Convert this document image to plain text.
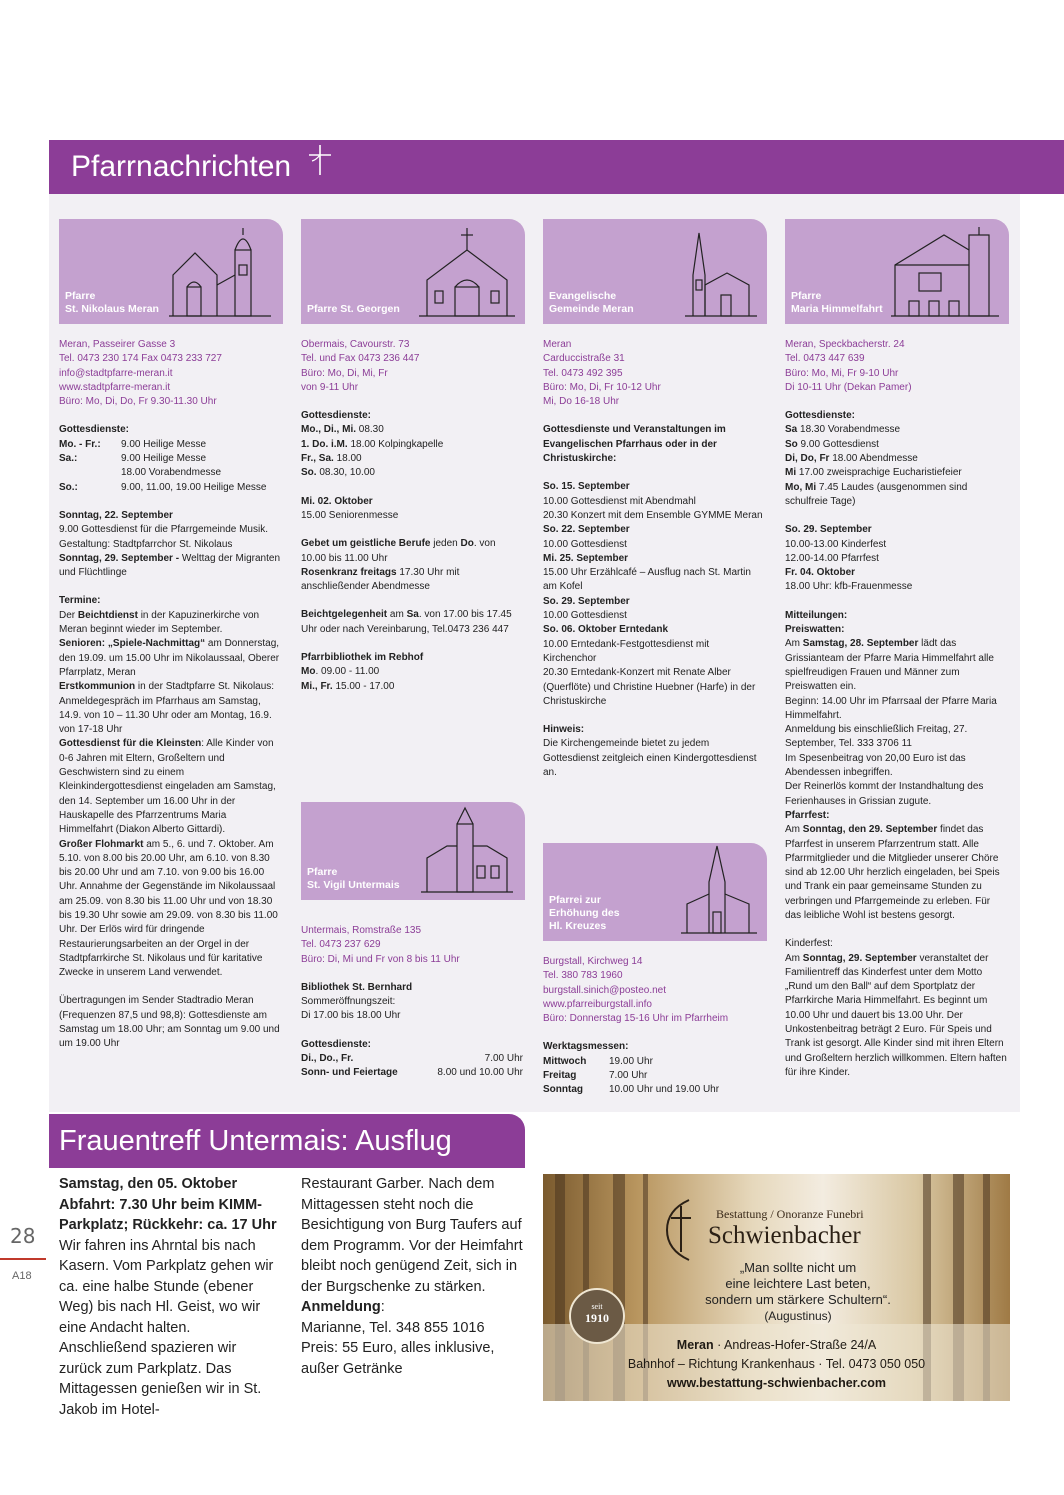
Pfarrnachrichten
Pfarre
St. Nikolaus Meran	Pfarre St. Georgen
Evangelische
Gemeinde Meran
Pfarre
Maria Himmelfahrt

Meran, Passeirer Gasse 3
Tel. 0473 230 174 Fax 0473 233 727
info@stadtpfarre-meran.it
www.stadtpfarre-meran.it
Büro: Mo, Di, Do, Fr 9.30-11.30 Uhr

Gottesdienste:
Mo. - Fr.:	9.00 Heilige Messe
Sa.:	9.00 Heilige Messe
18.00 Vorabendmesse
So.:	9.00, 11.00, 19.00 Heilige Messe

Sonntag, 22. September
9.00 Gottesdienst für die Pfarrgemeinde Musik. Gestaltung: Stadtpfarrchor St. Nikolaus
Sonntag, 29. September - Welttag der Migranten und Flüchtlinge

Termine:
Der Beichtdienst in der Kapuzinerkirche von Meran beginnt wieder im September.
Senioren: „Spiele-Nachmittag“ am Donnerstag, den 19.09. um 15.00 Uhr im Nikolaussaal, Oberer Pfarrplatz, Meran
Erstkommunion in der Stadtpfarre St. Nikolaus: Anmeldegespräch im Pfarrhaus am Samstag, 14.9. von 10 – 11.30 Uhr oder am Montag, 16.9. von 17-18 Uhr
Gottesdienst für die Kleinsten: Alle Kinder von 0-6 Jahren mit Eltern, Großeltern und Geschwistern sind zu einem Kleinkindergottesdienst eingeladen am Samstag, den 14. September um 16.00 Uhr in der Hauskapelle des Pfarrzentrums Maria Himmelfahrt (Diakon Alberto Gittardi).
Großer Flohmarkt am 5., 6. und 7. Oktober. Am 5.10. von 8.00 bis 20.00 Uhr, am 6.10. von 8.30 bis 20.00 Uhr und am 7.10. von 9.00 bis 16.00 Uhr. Annahme der Gegenstände im Nikolaussaal am 25.09. von 8.30 bis 11.00 Uhr und von 18.30 bis 19.30 Uhr sowie am 29.09. von 8.30 bis 11.00 Uhr. Der Erlös wird für dringende Restaurierungsarbeiten an der Orgel in der Stadtpfarrkirche St. Nikolaus und für karitative Zwecke in unserem Land verwendet.

Übertragungen im Sender Stadtradio Meran (Frequenzen 87,5 und 98,8): Gottesdienste am Samstag um 18.00 Uhr; am Sonntag um 9.00 und um 19.00 Uhr

Obermais, Cavourstr. 73
Tel. und Fax 0473 236 447
Büro: Mo, Di, Mi, Fr
von 9-11 Uhr

Gottesdienste:
Mo., Di., Mi. 08.30
1. Do. i.M. 18.00 Kolpingkapelle
Fr., Sa. 18.00
So. 08.30, 10.00

Mi. 02. Oktober
15.00 Seniorenmesse

Gebet um geistliche Berufe jeden Do. von 10.00 bis 11.00 Uhr
Rosenkranz freitags 17.30 Uhr mit anschließender Abendmesse

Beichtgelegenheit am Sa. von 17.00 bis 17.45 Uhr oder nach Vereinbarung, Tel.0473 236 447

Pfarrbibliothek im Rebhof
Mo. 09.00 - 11.00
Mi., Fr. 15.00 - 17.00

Pfarre
St. Vigil Untermais

Untermais, Romstraße 135
Tel. 0473 237 629
Büro: Di, Mi und Fr von 8 bis 11 Uhr

Bibliothek St. Bernhard
Sommeröffnungszeit:
Di 17.00 bis 18.00 Uhr

Gottesdienste:
Di., Do., Fr.	7.00 Uhr
Sonn- und Feiertage	8.00 und 10.00 Uhr

Meran
Carduccistraße 31
Tel. 0473 492 395
Büro: Mo, Di, Fr 10-12 Uhr
Mi, Do 16-18 Uhr

Gottesdienste und Veranstaltungen im Evangelischen Pfarrhaus oder in der Christuskirche:

So. 15. September
10.00 Gottesdienst mit Abendmahl
20.30 Konzert mit dem Ensemble GYMME Meran
So. 22. September
10.00 Gottesdienst
Mi. 25. September
15.00 Uhr Erzählcafé – Ausflug nach St. Martin am Kofel
So. 29. September
10.00 Gottesdienst
So. 06. Oktober Erntedank
10.00 Erntedank-Festgottesdienst mit Kirchenchor
20.30 Erntedank-Konzert mit Renate Alber (Querflöte) und Christine Huebner (Harfe) in der Christuskirche

Hinweis:
Die Kirchengemeinde bietet zu jedem Gottesdienst zeitgleich einen Kindergottesdienst an.

Pfarrei zur
Erhöhung des
Hl. Kreuzes

Burgstall, Kirchweg 14
Tel. 380 783 1960
burgstall.sinich@posteo.net
www.pfarreiburgstall.info
Büro: Donnerstag 15-16 Uhr im Pfarrheim

Werktagsmessen:
Mittwoch	19.00 Uhr
Freitag	7.00 Uhr
Sonntag	10.00 Uhr und 19.00 Uhr

Meran, Speckbacherstr. 24
Tel. 0473 447 639
Büro: Mo, Mi, Fr 9-10 Uhr
Di 10-11 Uhr (Dekan Pamer)

Gottesdienste:
Sa 18.30 Vorabendmesse
So 9.00 Gottesdienst
Di, Do, Fr 18.00 Abendmesse
Mi 17.00 zweisprachige Eucharistiefeier
Mo, Mi 7.45 Laudes (ausgenommen sind schulfreie Tage)

So. 29. September
10.00-13.00 Kinderfest
12.00-14.00 Pfarrfest
Fr. 04. Oktober
18.00 Uhr: kfb-Frauenmesse

Mitteilungen:
Preiswatten:
Am Samstag, 28. September lädt das Grissianteam der Pfarre Maria Himmelfahrt alle spielfreudigen Frauen und Männer zum Preiswatten ein.
Beginn: 14.00 Uhr im Pfarrsaal der Pfarre Maria Himmelfahrt.
Anmeldung bis einschließlich Freitag, 27. September, Tel. 333 3706 11
Im Spesenbeitrag von 20,00 Euro ist das Abendessen inbegriffen.
Der Reinerlös kommt der Instandhaltung des Ferienhauses in Grissian zugute.
Pfarrfest:
Am Sonntag, den 29. September findet das Pfarrfest in unserem Pfarrzentrum statt. Alle Pfarrmitglieder und die Mitglieder unserer Chöre sind ab 12.00 Uhr herzlich eingeladen, bei Speis und Trank ein paar gemeinsame Stunden zu verbringen und Pfarrgemeinde zu erleben. Für das leibliche Wohl ist bestens gesorgt.

Kinderfest:
Am Sonntag, 29. September veranstaltet der Familientreff das Kinderfest unter dem Motto „Rund um den Ball“ auf dem Sportplatz der Pfarrkirche Maria Himmelfahrt. Es beginnt um 10.00 Uhr und dauert bis 13.00 Uhr. Der Unkostenbeitrag beträgt 2 Euro. Für Speis und Trank ist gesorgt. Alle Kinder sind mit ihren Eltern und Großeltern herzlich willkommen. Eltern haften für ihre Kinder.

28
A18
Frauentreff Untermais: Ausflug
Samstag, den 05. Oktober
Abfahrt: 7.30 Uhr beim KIMM-Parkplatz; Rückkehr: ca. 17 Uhr
Wir fahren ins Ahrntal bis nach Kasern. Vom Parkplatz gehen wir ca. eine halbe Stunde (ebener Weg) bis nach Hl. Geist, wo wir eine Andacht halten. Anschließend spazieren wir zurück zum Parkplatz. Das Mittagessen genießen wir in St. Jakob im Hotel-
Restaurant Garber. Nach dem Mittagessen steht noch die Besichtigung von Burg Taufers auf dem Programm. Vor der Heimfahrt bleibt noch genügend Zeit, sich in der Burgschenke zu stärken.
Anmeldung:
Marianne, Tel. 348 855 1016
Preis: 55 Euro, alles inklusive, außer Getränke
Bestattung / Onoranze Funebri
Schwienbacher
„Man sollte nicht um
eine leichtere Last beten,
sondern um stärkere Schultern“.
(Augustinus)
seit
1910
Meran · Andreas-Hofer-Straße 24/A
Bahnhof – Richtung Krankenhaus · Tel. 0473 050 050
www.bestattung-schwienbacher.com
